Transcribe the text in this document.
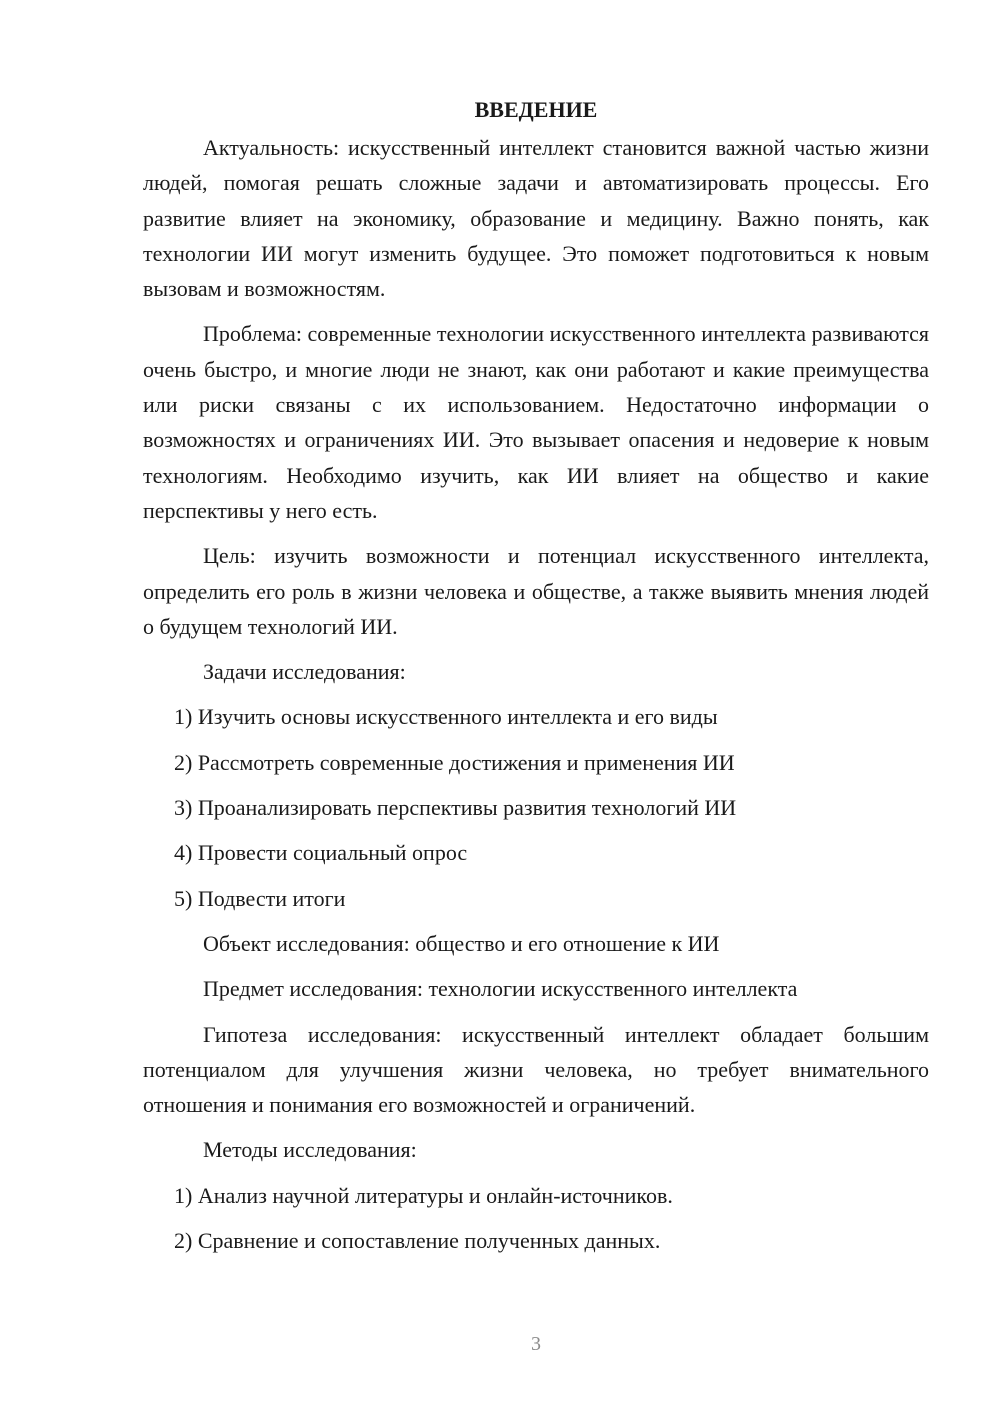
ВВЕДЕНИЕ

Актуальность: искусственный интеллект становится важной частью жизни людей, помогая решать сложные задачи и автоматизировать процессы. Его развитие влияет на экономику, образование и медицину. Важно понять, как технологии ИИ могут изменить будущее. Это поможет подготовиться к новым вызовам и возможностям.

Проблема: современные технологии искусственного интеллекта развиваются очень быстро, и многие люди не знают, как они работают и какие преимущества или риски связаны с их использованием. Недостаточно информации о возможностях и ограничениях ИИ. Это вызывает опасения и недоверие к новым технологиям. Необходимо изучить, как ИИ влияет на общество и какие перспективы у него есть.

Цель: изучить возможности и потенциал искусственного интеллекта, определить его роль в жизни человека и обществе, а также выявить мнения людей о будущем технологий ИИ.

Задачи исследования:

1) Изучить основы искусственного интеллекта и его виды

2) Рассмотреть современные достижения и применения ИИ

3) Проанализировать перспективы развития технологий ИИ

4) Провести социальный опрос

5) Подвести итоги

Объект исследования: общество и его отношение к ИИ

Предмет исследования: технологии искусственного интеллекта

Гипотеза исследования: искусственный интеллект обладает большим потенциалом для улучшения жизни человека, но требует внимательного отношения и понимания его возможностей и ограничений.

Методы исследования:

1) Анализ научной литературы и онлайн-источников.

2) Сравнение и сопоставление полученных данных.

3
